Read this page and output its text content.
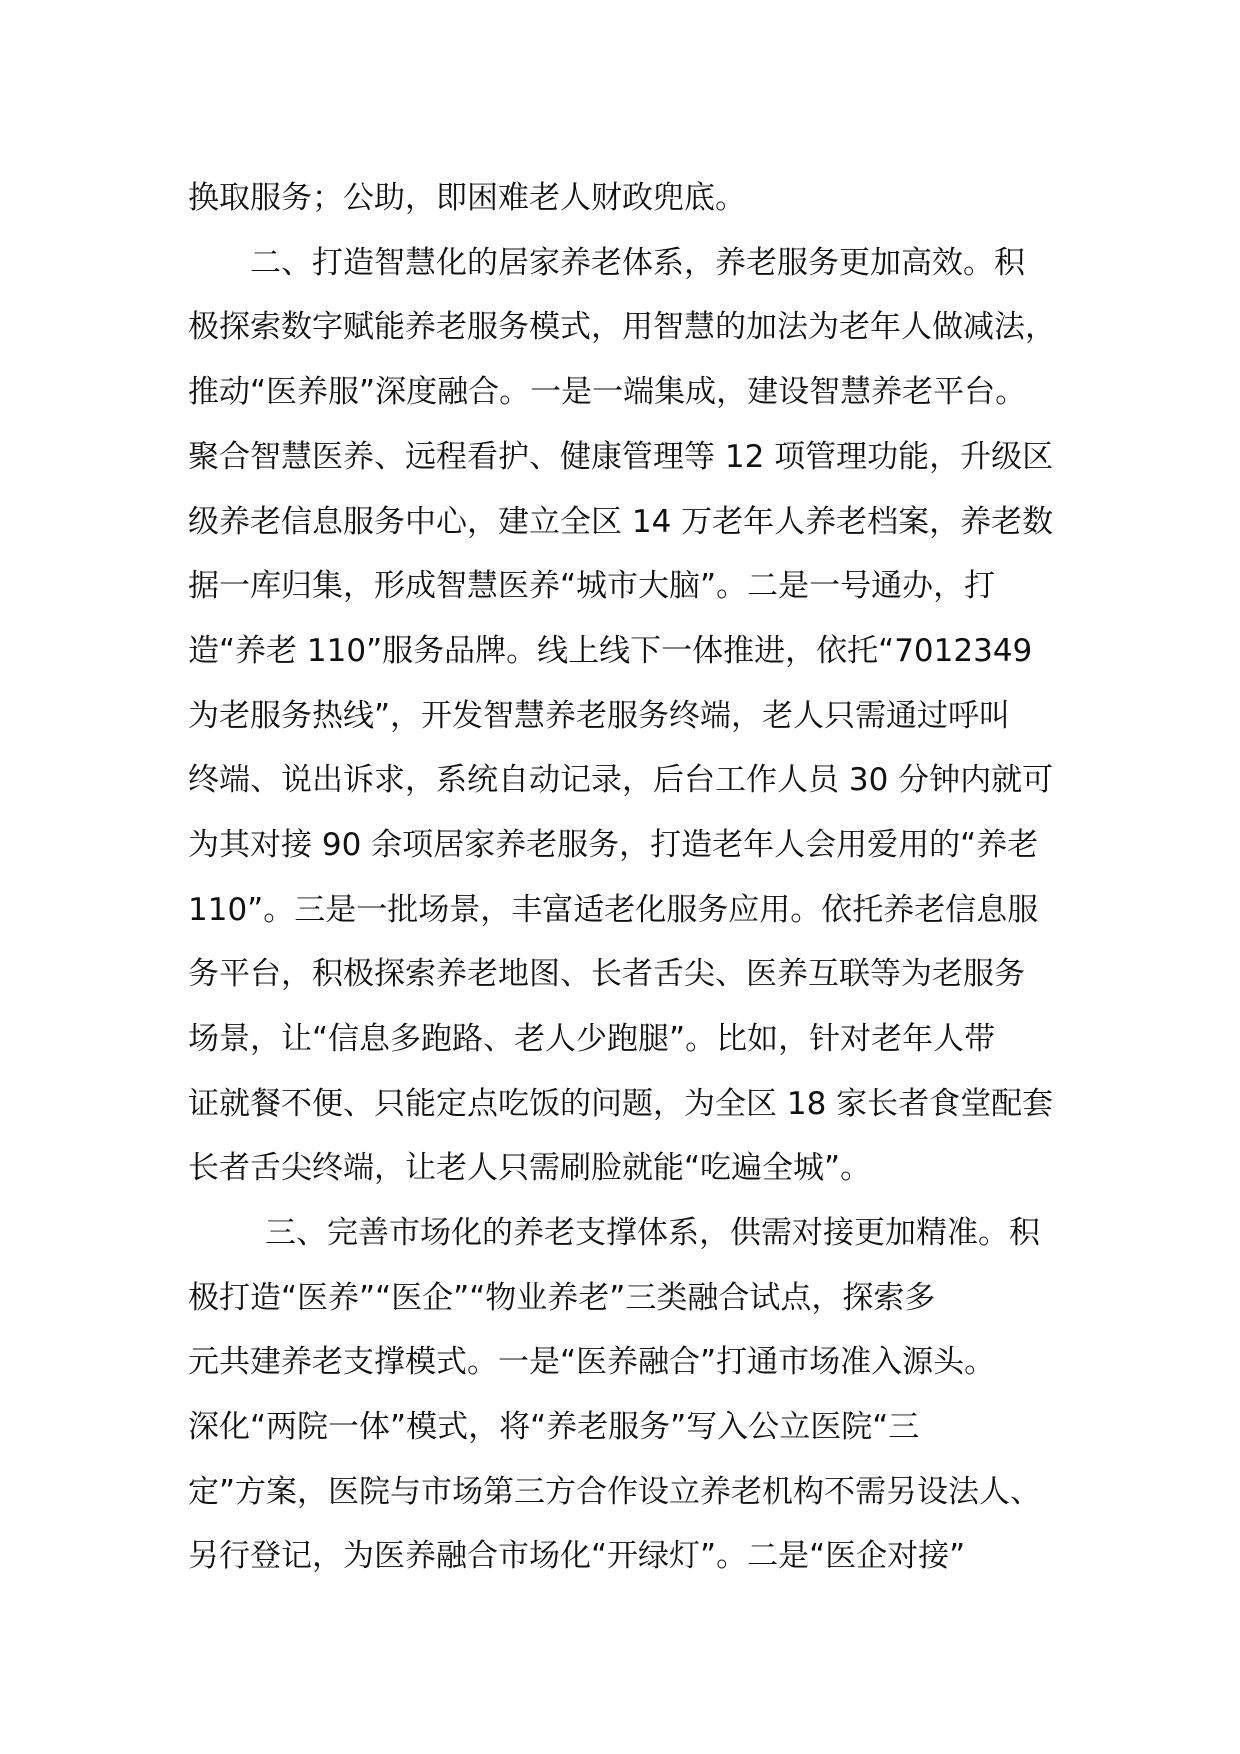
换取服务；公助，即困难老人财政兜底。

二、打造智慧化的居家养老体系，养老服务更加高效。积

极探索数字赋能养老服务模式，用智慧的加法为老年人做减法，

推动“医养服”深度融合。一是一端集成，建设智慧养老平台。

聚合智慧医养、远程看护、健康管理等 12 项管理功能，升级区

级养老信息服务中心，建立全区 14 万老年人养老档案，养老数

据一库归集，形成智慧医养“城市大脑”。二是一号通办，打

造“养老 110”服务品牌。线上线下一体推进，依托“7012349

为老服务热线”，开发智慧养老服务终端，老人只需通过呼叫

终端、说出诉求，系统自动记录，后台工作人员 30 分钟内就可

为其对接 90 余项居家养老服务，打造老年人会用爱用的“养老

110”。三是一批场景，丰富适老化服务应用。依托养老信息服

务平台，积极探索养老地图、长者舌尖、医养互联等为老服务

场景，让“信息多跑路、老人少跑腿”。比如，针对老年人带

证就餐不便、只能定点吃饭的问题，为全区 18 家长者食堂配套

长者舌尖终端，让老人只需刷脸就能“吃遍全城”。

三、完善市场化的养老支撑体系，供需对接更加精准。积

极打造“医养”“医企”“物业养老”三类融合试点，探索多

元共建养老支撑模式。一是“医养融合”打通市场准入源头。

深化“两院一体”模式，将“养老服务”写入公立医院“三

定”方案，医院与市场第三方合作设立养老机构不需另设法人、

另行登记，为医养融合市场化“开绿灯”。二是“医企对接”
